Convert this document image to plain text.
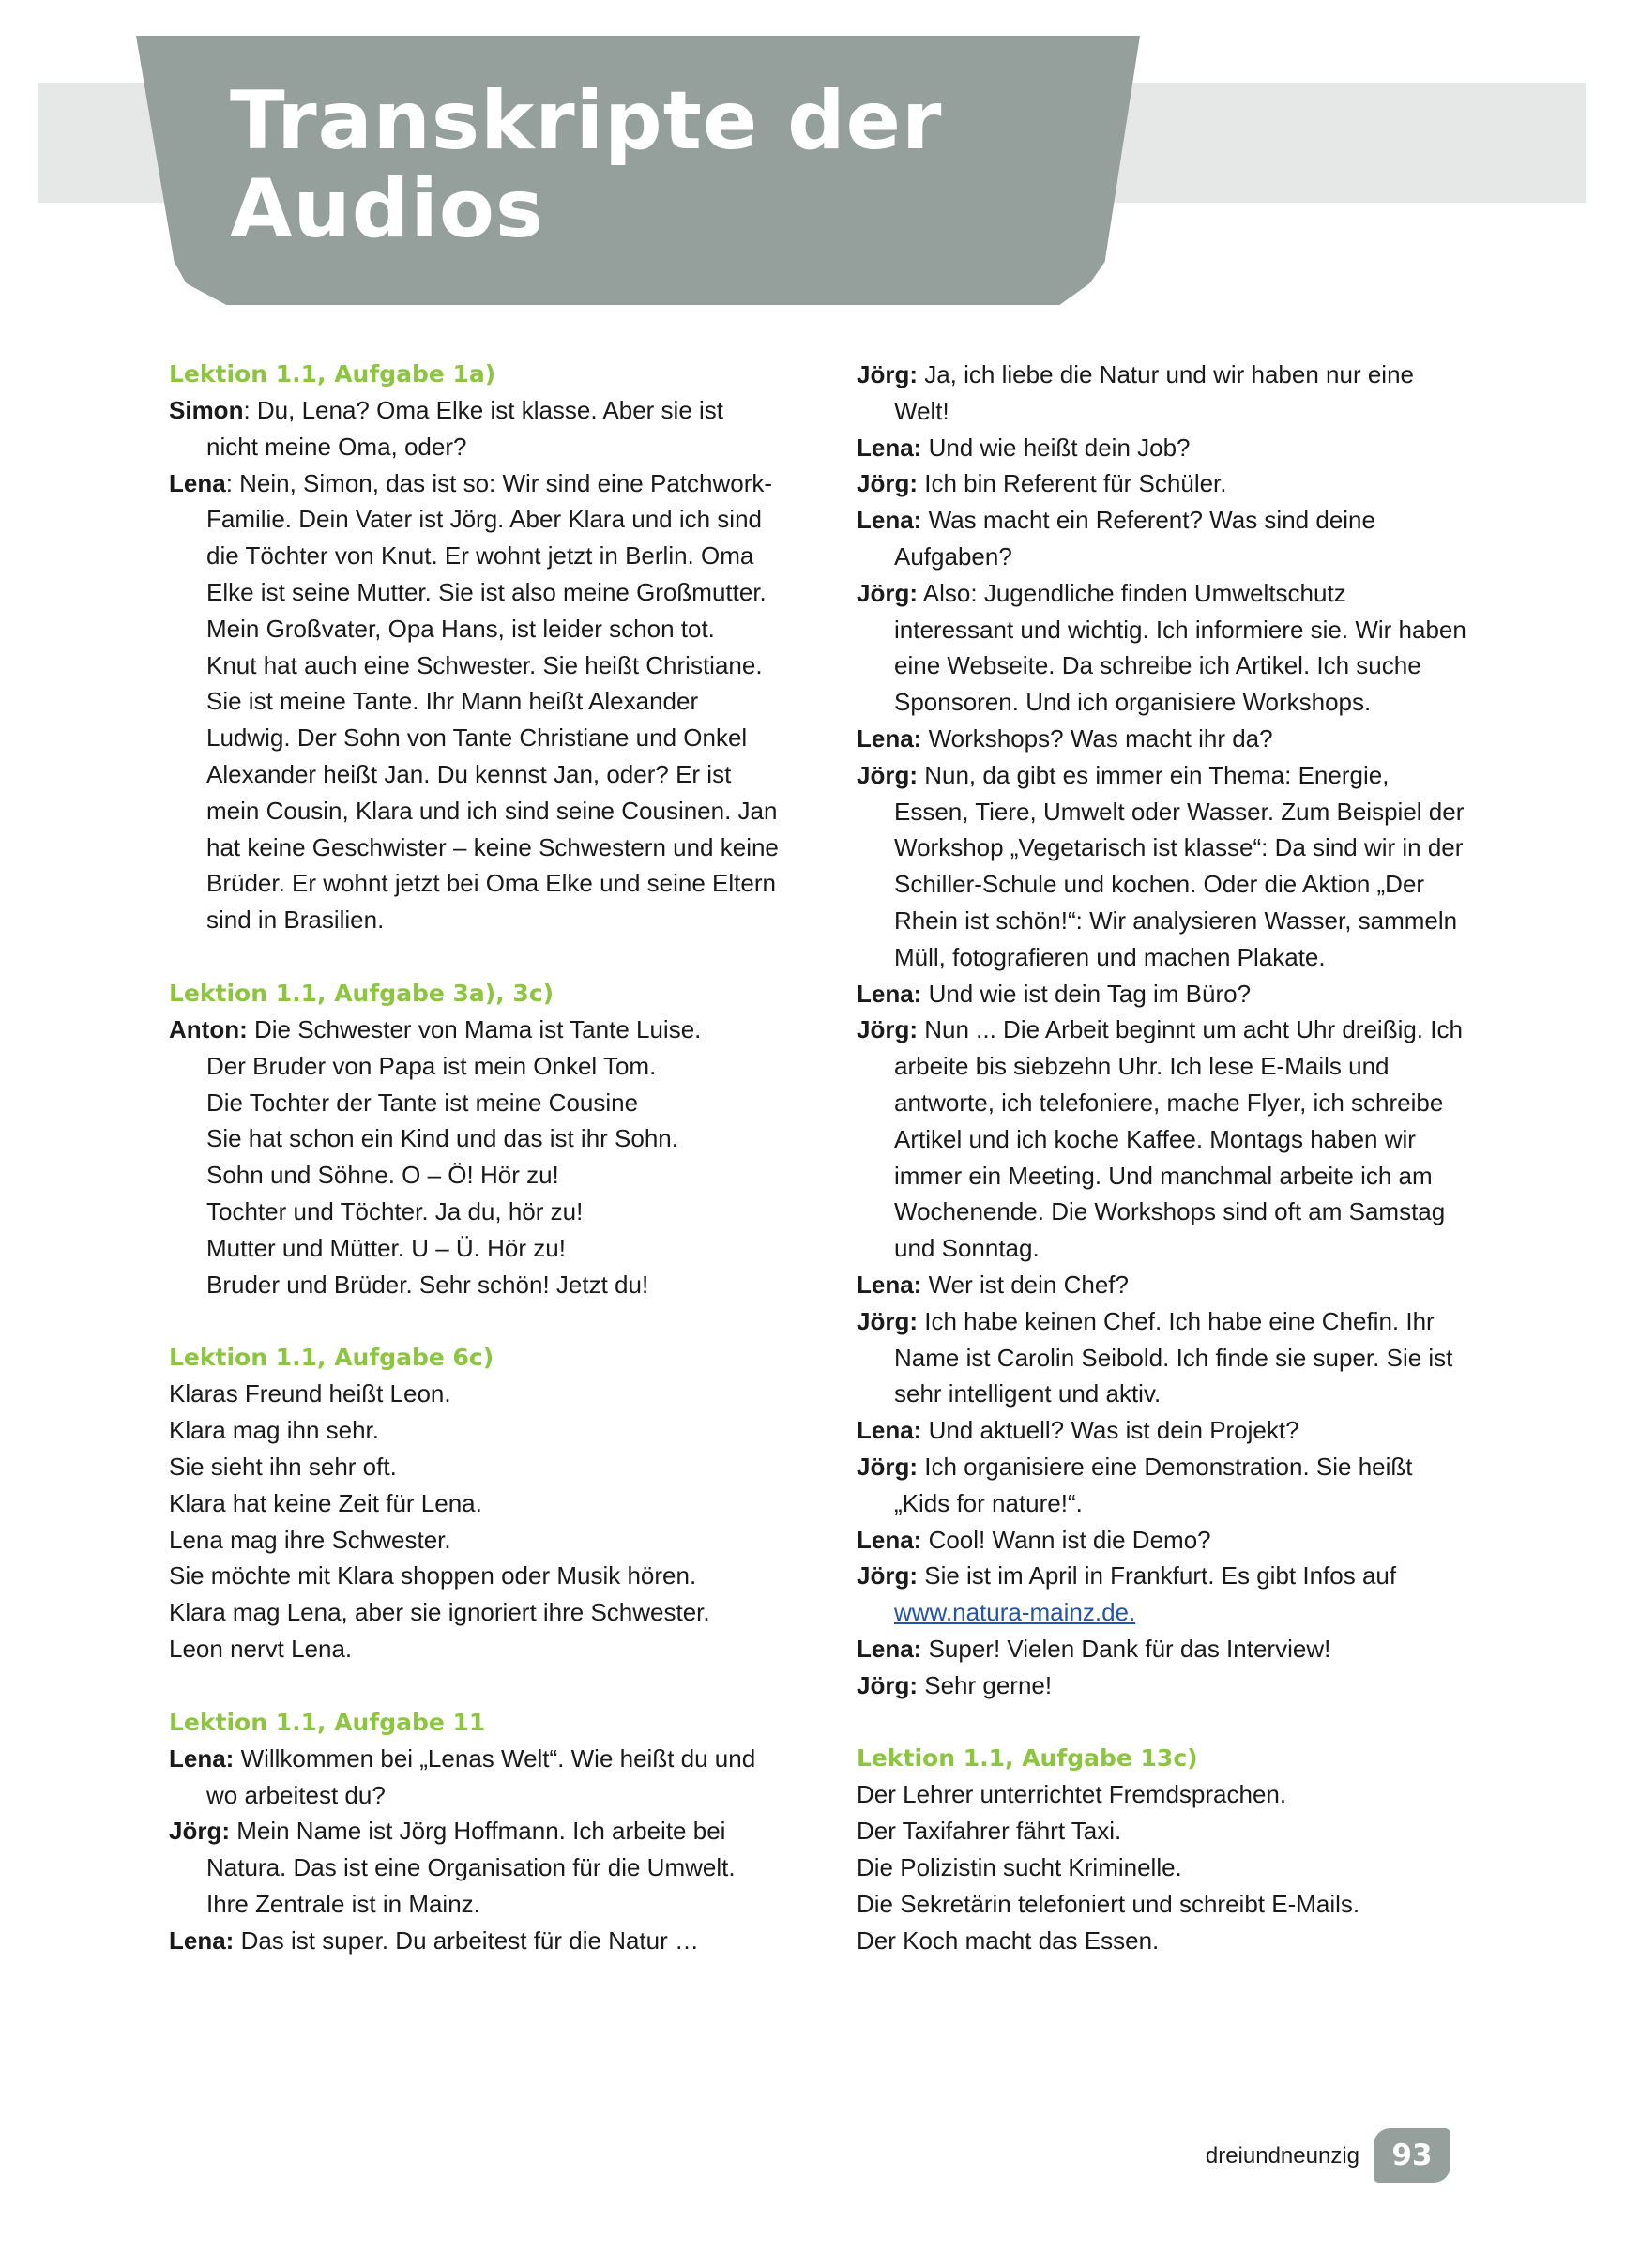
Transkripte der
Audios

Lektion 1.1, Aufgabe 1a)

Simon: Du, Lena? Oma Elke ist klasse. Aber sie ist nicht meine Oma, oder?

Lena: Nein, Simon, das ist so: Wir sind eine Patchwork-Familie. Dein Vater ist Jörg. Aber Klara und ich sind die Töchter von Knut. Er wohnt jetzt in Berlin. Oma Elke ist seine Mutter. Sie ist also meine Großmutter. Mein Großvater, Opa Hans, ist leider schon tot.

Knut hat auch eine Schwester. Sie heißt Christiane. Sie ist meine Tante. Ihr Mann heißt Alexander Ludwig. Der Sohn von Tante Christiane und Onkel Alexander heißt Jan. Du kennst Jan, oder? Er ist mein Cousin, Klara und ich sind seine Cousinen. Jan hat keine Geschwister – keine Schwestern und keine Brüder. Er wohnt jetzt bei Oma Elke und seine Eltern sind in Brasilien.

Lektion 1.1, Aufgabe 3a), 3c)

Anton: Die Schwester von Mama ist Tante Luise.

Der Bruder von Papa ist mein Onkel Tom.

Die Tochter der Tante ist meine Cousine

Sie hat schon ein Kind und das ist ihr Sohn.

Sohn und Söhne. O – Ö! Hör zu!

Tochter und Töchter. Ja du, hör zu!

Mutter und Mütter. U – Ü. Hör zu!

Bruder und Brüder. Sehr schön! Jetzt du!

Lektion 1.1, Aufgabe 6c)

Klaras Freund heißt Leon.

Klara mag ihn sehr.

Sie sieht ihn sehr oft.

Klara hat keine Zeit für Lena.

Lena mag ihre Schwester.

Sie möchte mit Klara shoppen oder Musik hören.

Klara mag Lena, aber sie ignoriert ihre Schwester.

Leon nervt Lena.

Lektion 1.1, Aufgabe 11

Lena: Willkommen bei „Lenas Welt“. Wie heißt du und wo arbeitest du?

Jörg: Mein Name ist Jörg Hoffmann. Ich arbeite bei Natura. Das ist eine Organisation für die Umwelt. Ihre Zentrale ist in Mainz.

Lena: Das ist super. Du arbeitest für die Natur …

Jörg: Ja, ich liebe die Natur und wir haben nur eine Welt!

Lena: Und wie heißt dein Job?

Jörg: Ich bin Referent für Schüler.

Lena: Was macht ein Referent? Was sind deine Aufgaben?

Jörg: Also: Jugendliche finden Umweltschutz interessant und wichtig. Ich informiere sie. Wir haben eine Webseite. Da schreibe ich Artikel. Ich suche Sponsoren. Und ich organisiere Workshops.

Lena: Workshops? Was macht ihr da?

Jörg: Nun, da gibt es immer ein Thema: Energie, Essen, Tiere, Umwelt oder Wasser. Zum Beispiel der Workshop „Vegetarisch ist klasse“: Da sind wir in der Schiller-Schule und kochen. Oder die Aktion „Der Rhein ist schön!“: Wir analysieren Wasser, sammeln Müll, fotografieren und machen Plakate.

Lena: Und wie ist dein Tag im Büro?

Jörg: Nun ... Die Arbeit beginnt um acht Uhr dreißig. Ich arbeite bis siebzehn Uhr. Ich lese E-Mails und antworte, ich telefoniere, mache Flyer, ich schreibe Artikel und ich koche Kaffee. Montags haben wir immer ein Meeting. Und manchmal arbeite ich am Wochenende. Die Workshops sind oft am Samstag und Sonntag.

Lena: Wer ist dein Chef?

Jörg: Ich habe keinen Chef. Ich habe eine Chefin. Ihr Name ist Carolin Seibold. Ich finde sie super. Sie ist sehr intelligent und aktiv.

Lena: Und aktuell? Was ist dein Projekt?

Jörg: Ich organisiere eine Demonstration. Sie heißt „Kids for nature!“.

Lena: Cool! Wann ist die Demo?

Jörg: Sie ist im April in Frankfurt. Es gibt Infos auf www.natura-mainz.de.

Lena: Super! Vielen Dank für das Interview!

Jörg: Sehr gerne!

Lektion 1.1, Aufgabe 13c)

Der Lehrer unterrichtet Fremdsprachen.

Der Taxifahrer fährt Taxi.

Die Polizistin sucht Kriminelle.

Die Sekretärin telefoniert und schreibt E-Mails.

Der Koch macht das Essen.

dreiundneunzig	93
